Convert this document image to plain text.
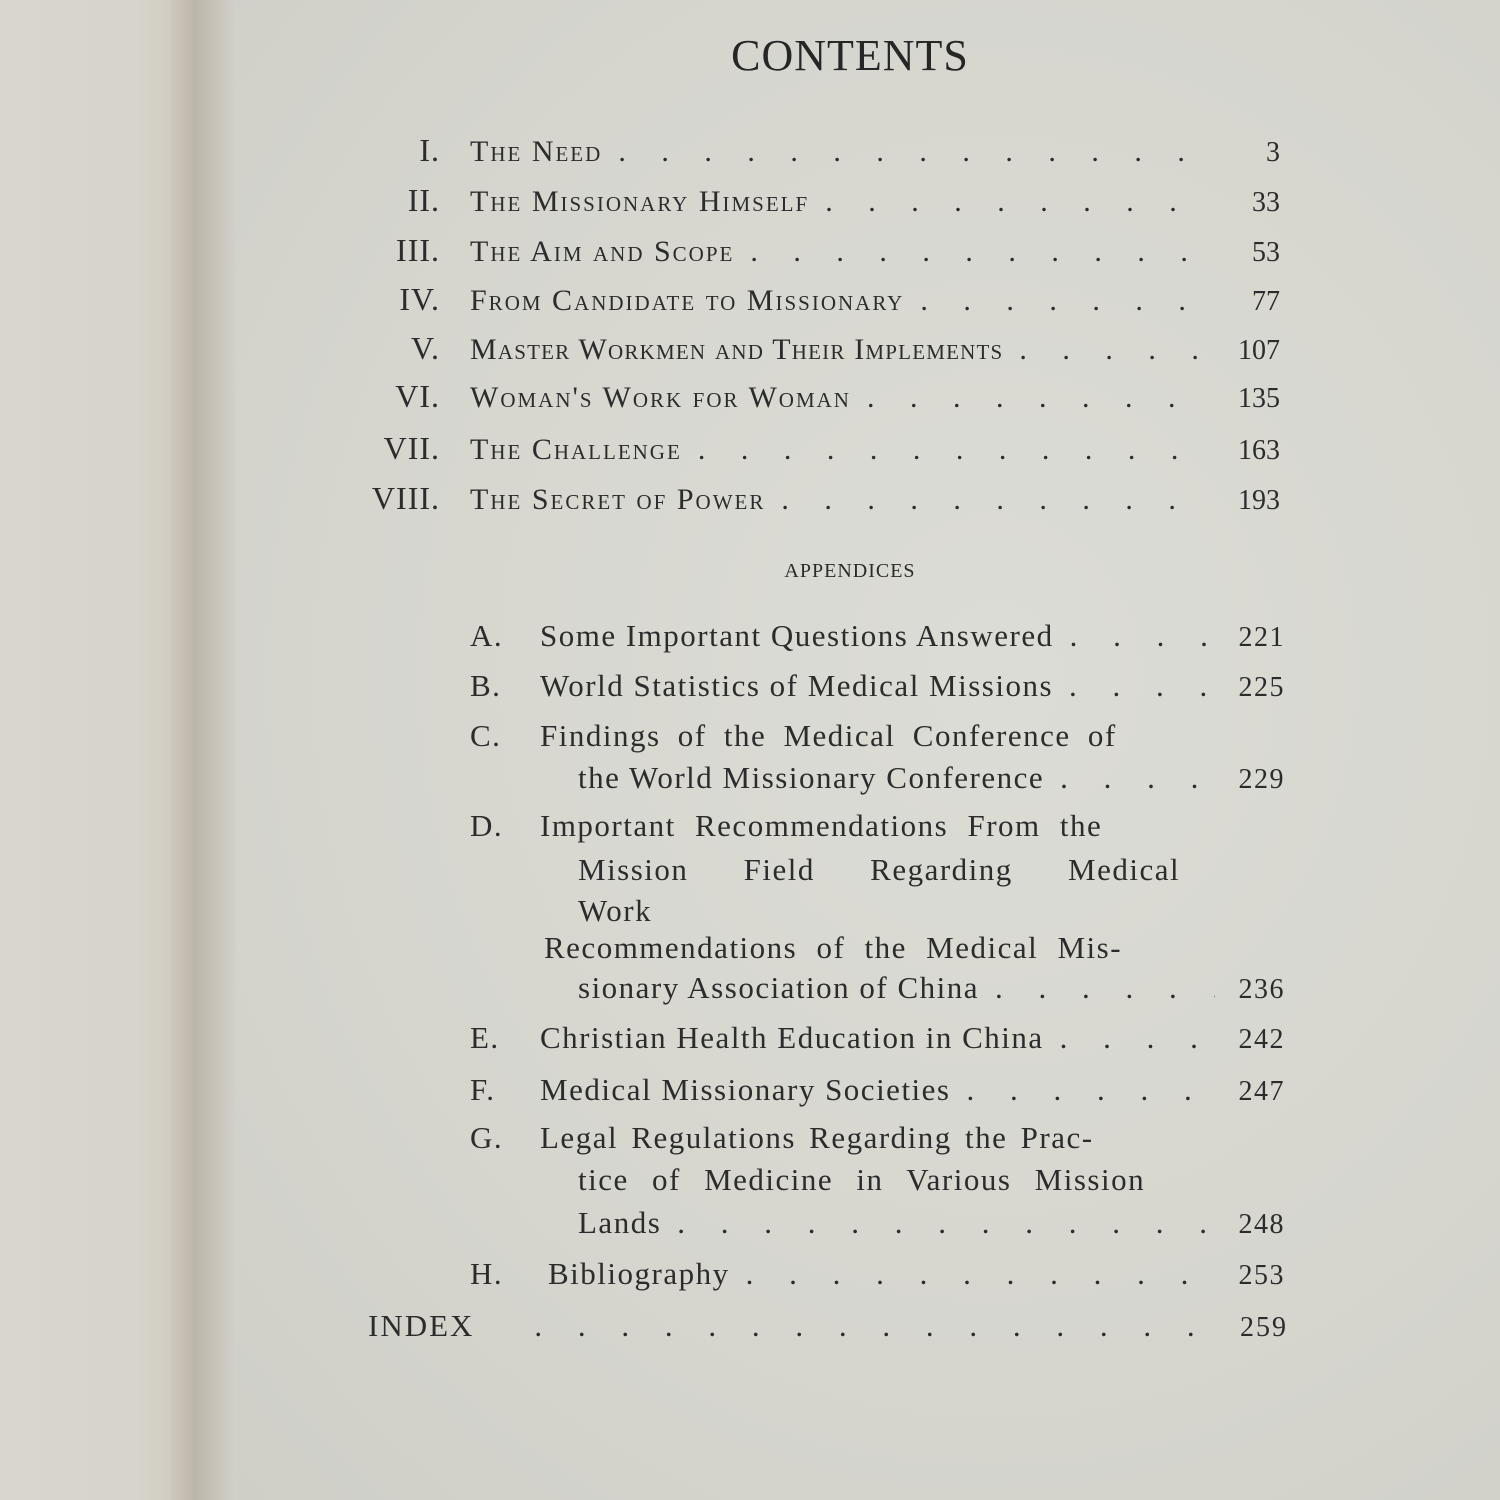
CONTENTS
I. The Need . . .	3
II. The Missionary Himself . . .	33
III. The Aim and Scope . . .	53
IV. From Candidate to Missionary . . .	77
V. Master Workmen and Their Implements . . .	107
VI. Woman's Work for Woman . . .	135
VII. The Challenge . . .	163
VIII. The Secret of Power . . .	193
APPENDICES
A.	Some Important Questions Answered . . .	221
B.	World Statistics of Medical Missions . . .	225
C.	Findings of the Medical Conference of
the World Missionary Conference . . .	229
D.	Important Recommendations From the
Mission Field Regarding Medical
Work
Recommendations of the Medical Mis-
sionary Association of China . . .	236
E.	Christian Health Education in China . . .	242
F.	Medical Missionary Societies . . .	247
G.	Legal Regulations Regarding the Prac-
tice of Medicine in Various Mission
Lands . . .	248
H.	Bibliography . . .	253
INDEX . . .	259
